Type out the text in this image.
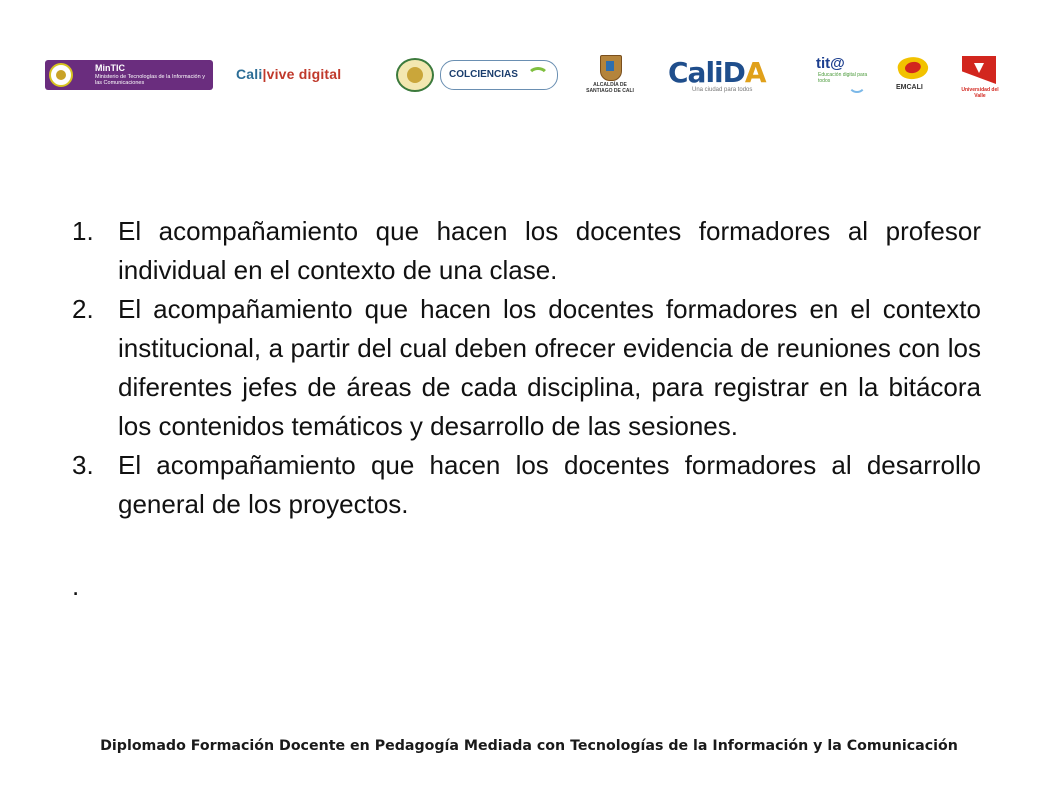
MinTIC
Ministerio de Tecnologías de la Información y las Comunicaciones
Cali|vive digital	COLCIENCIAS
ALCALDÍA DE SANTIAGO DE CALI
CaliDA
Una ciudad para todos
tit@
Educación digital para todos
EMCALI	Universidad del Valle
1. El acompañamiento que hacen los docentes formadores al profesor individual en el contexto de una clase.
2. El acompañamiento que hacen los docentes formadores en el contexto institucional, a partir del cual deben ofrecer evidencia de reuniones con los diferentes jefes de áreas de cada disciplina, para registrar en la bitácora los contenidos temáticos y desarrollo de las sesiones.
3. El acompañamiento que hacen los docentes formadores al desarrollo general de los proyectos.
.
Diplomado Formación Docente en Pedagogía Mediada con Tecnologías de la Información y la Comunicación
